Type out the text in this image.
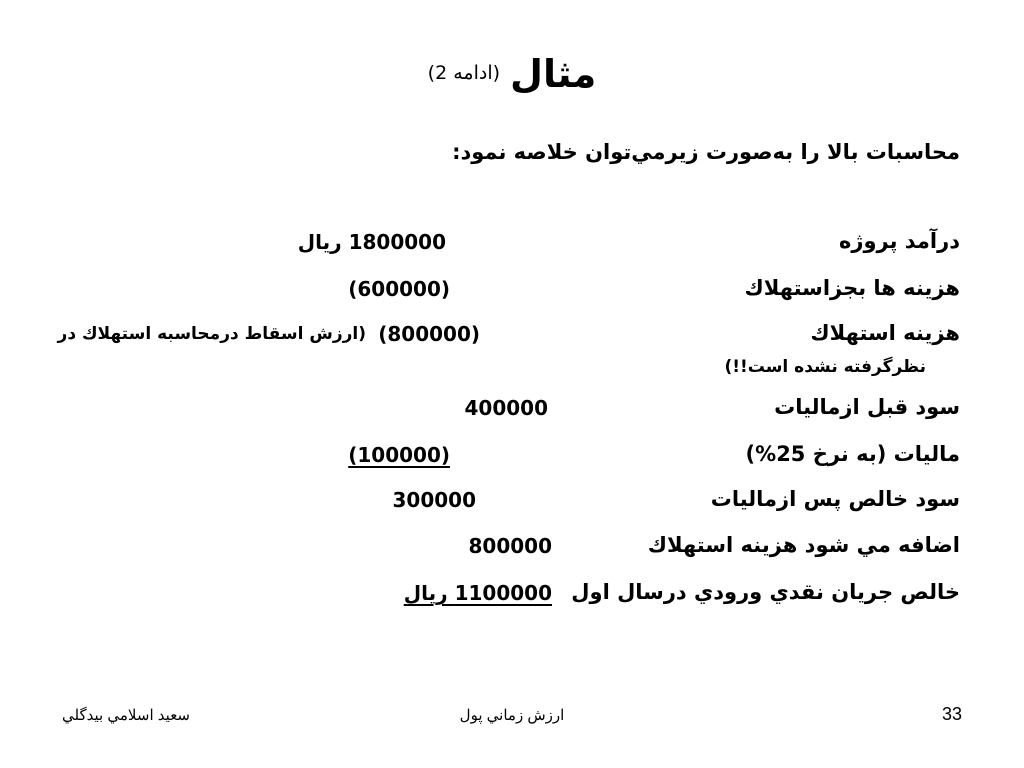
مثال(ادامه 2)
محاسبات بالا را به‌صورت زیرمي‌توان خلاصه نمود:
درآمد پروژه
1800000 ريال
هزينه ها بجزاستهلاك
(600000)
هزينه استهلاك
(800000)
(ارزش اسقاط درمحاسبه استهلاك در
نظرگرفته نشده است!!)
سود قبل ازماليات
400000
ماليات (به نرخ 25%)
(100000)
سود خالص پس ازماليات
300000
اضافه مي شود هزينه استهلاك
800000
خالص جريان نقدي ورودي درسال اول
1100000 ريال
سعيد اسلامي بيدگلي	ارزش زماني پول	33
